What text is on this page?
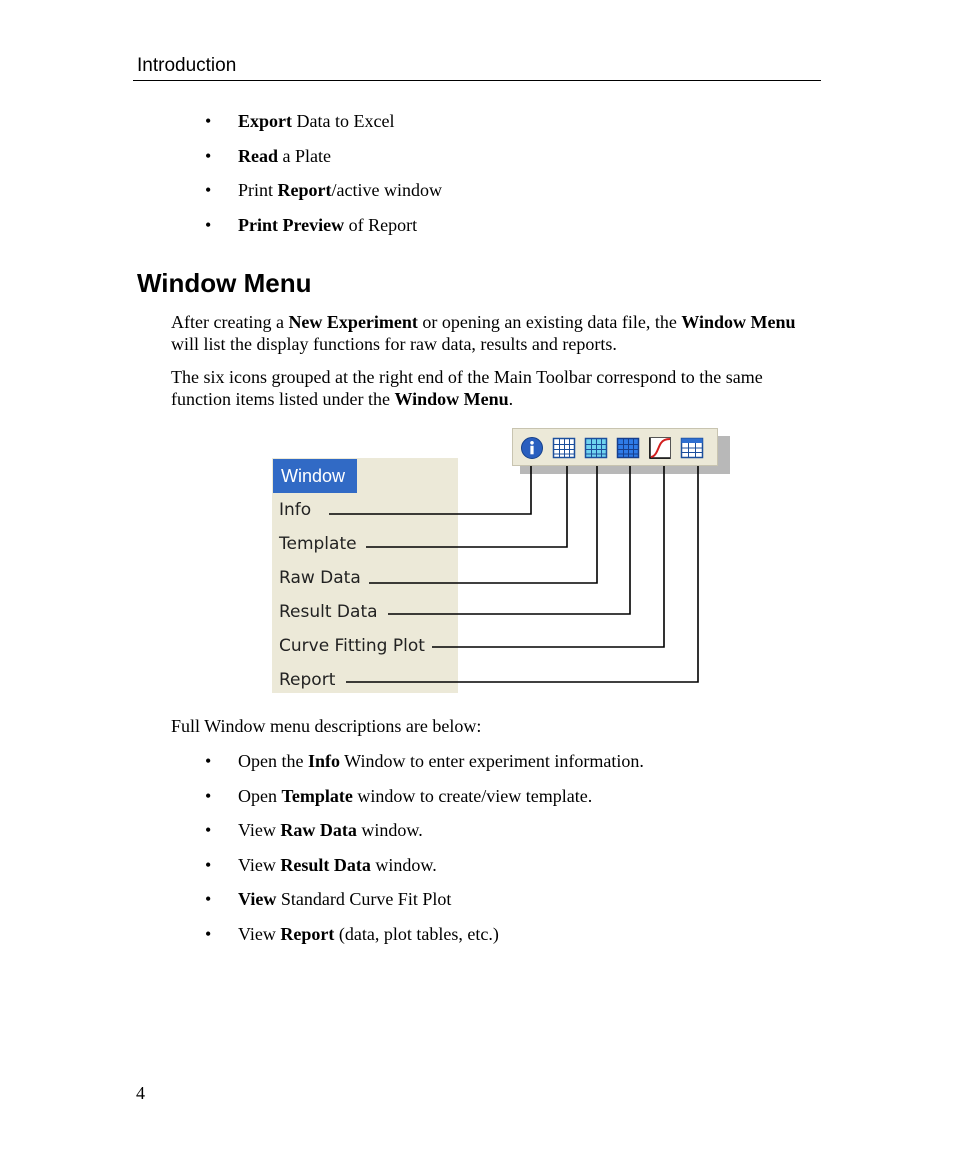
Introduction
• Export Data to Excel
• Read a Plate
• Print Report/active window
• Print Preview of Report
Window Menu

After creating a New Experiment or opening an existing data file, the Window Menu will list the display functions for raw data, results and reports.

The six icons grouped at the right end of the Main Toolbar correspond to the same function items listed under the Window Menu.

Window
Info
Template
Raw Data
Result Data
Curve Fitting Plot
Report

Full Window menu descriptions are below:

• Open the Info Window to enter experiment information.
• Open Template window to create/view template.
• View Raw Data window.
• View Result Data window.
• View Standard Curve Fit Plot
• View Report (data, plot tables, etc.)
4
